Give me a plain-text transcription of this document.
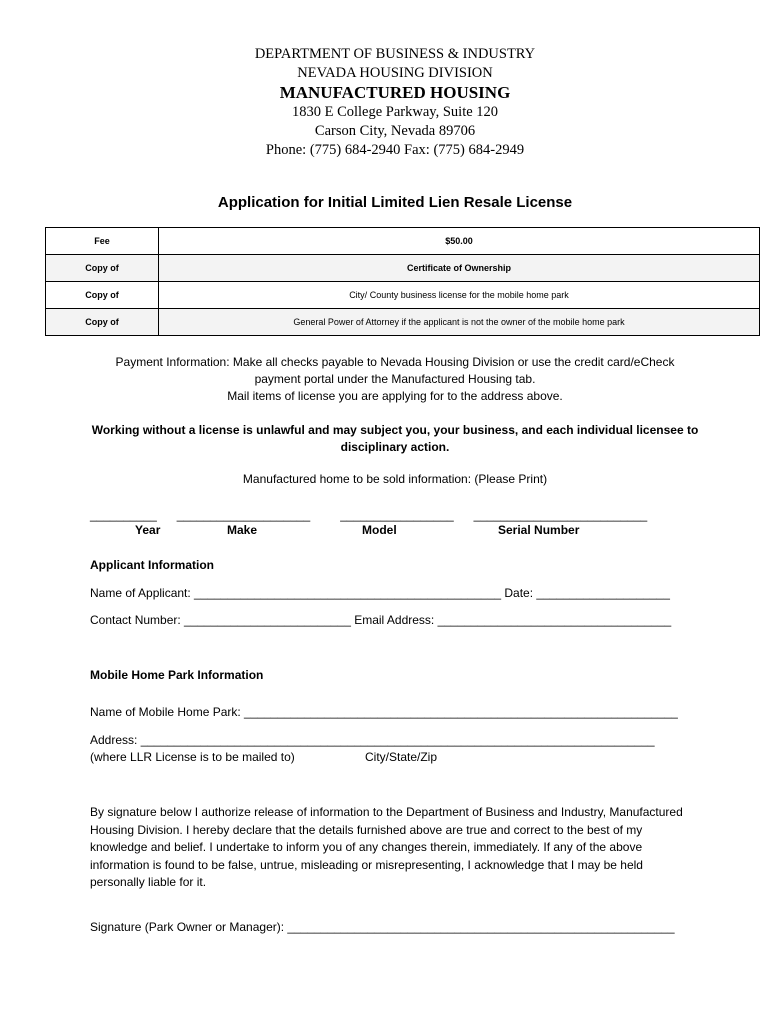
DEPARTMENT OF BUSINESS & INDUSTRY
NEVADA HOUSING DIVISION
MANUFACTURED HOUSING
1830 E College Parkway, Suite 120
Carson City, Nevada 89706
Phone: (775) 684-2940 Fax: (775) 684-2949
Application for Initial Limited Lien Resale License
Fee	$50.00
Copy of	Certificate of Ownership
Copy of	City/ County business license for the mobile home park
Copy of	General Power of Attorney if the applicant is not the owner of the mobile home park
Payment Information: Make all checks payable to Nevada Housing Division or use the credit card/eCheck
payment portal under the Manufactured Housing tab.
Mail items of license you are applying for to the address above.
Working without a license is unlawful and may subject you, your business, and each individual licensee to
disciplinary action.
Manufactured home to be sold information: (Please Print)
__________      ____________________         _________________      __________________________
Year	Make	Model	Serial Number
Applicant Information
Name of Applicant: ______________________________________________ Date: ____________________
Contact Number: _________________________ Email Address: ___________________________________
Mobile Home Park Information
Name of Mobile Home Park: _________________________________________________________________
Address: _____________________________________________________________________________
(where LLR License is to be mailed to)	City/State/Zip
By signature below I authorize release of information to the Department of Business and Industry, Manufactured Housing Division. I hereby declare that the details furnished above are true and correct to the best of my knowledge and belief. I undertake to inform you of any changes therein, immediately. If any of the above information is found to be false, untrue, misleading or misrepresenting, I acknowledge that I may be held personally liable for it.
Signature (Park Owner or Manager): __________________________________________________________
